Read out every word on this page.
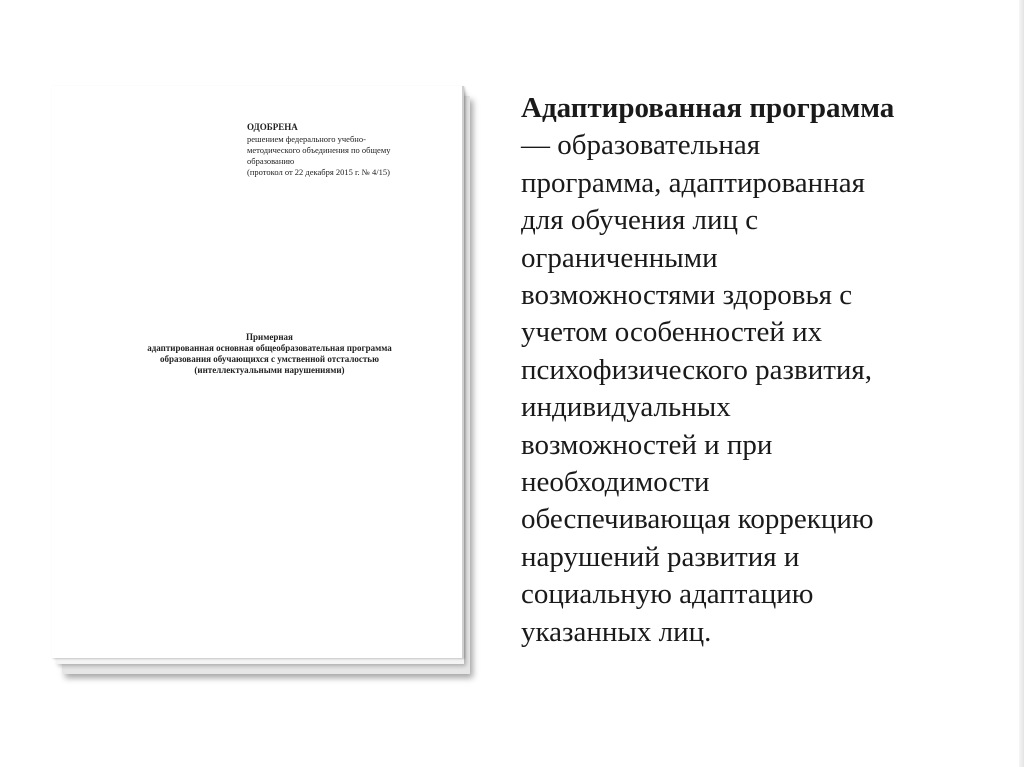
ОДОБРЕНА
решением федерального учебно-
методического объединения по общему
образованию
(протокол от 22 декабря 2015 г. № 4/15)
Примерная
адаптированная основная общеобразовательная программа
образования обучающихся с умственной отсталостью
(интеллектуальными нарушениями)
Адаптированная программа
— образовательная
программа, адаптированная
для обучения лиц с
ограниченными
возможностями здоровья с
учетом особенностей их
психофизического развития,
индивидуальных
возможностей и при
необходимости
обеспечивающая коррекцию
нарушений развития и
социальную адаптацию
указанных лиц.
